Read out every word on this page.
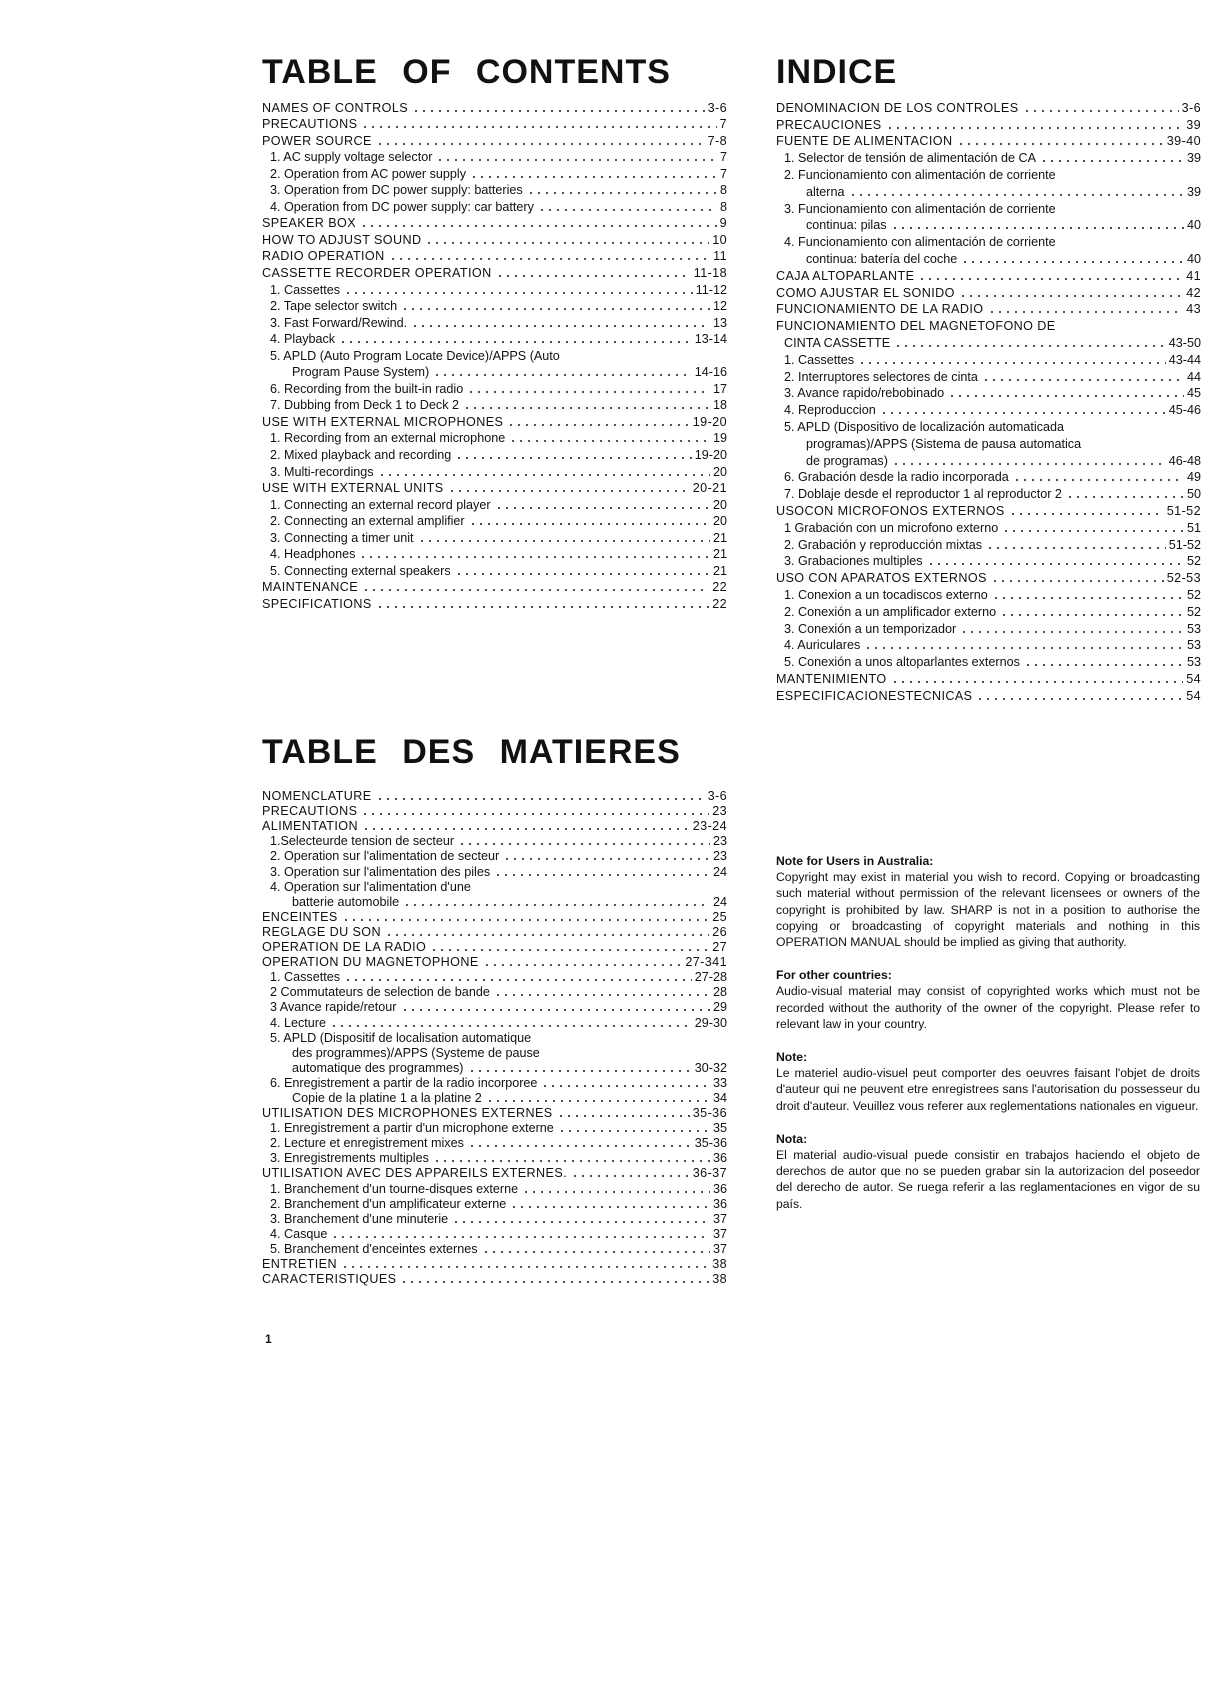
TABLE OF CONTENTS
NAMES OF CONTROLS	3-6
PRECAUTIONS	7
POWER SOURCE	7-8
1. AC supply voltage selector	7
2. Operation from AC power supply	7
3. Operation from DC power supply: batteries	8
4. Operation from DC power supply: car battery	8
SPEAKER BOX	9
HOW TO ADJUST SOUND	10
RADIO OPERATION	11
CASSETTE RECORDER OPERATION	11-18
1. Cassettes	11-12
2. Tape selector switch	12
3. Fast Forward/Rewind.	13
4. Playback	13-14
5. APLD (Auto Program Locate Device)/APPS (Auto
Program Pause System)	14-16
6. Recording from the built-in radio	17
7. Dubbing from Deck 1 to Deck 2	18
USE WITH EXTERNAL MICROPHONES	19-20
1. Recording from an external microphone	19
2. Mixed playback and recording	19-20
3. Multi-recordings	20
USE WITH EXTERNAL UNITS	20-21
1. Connecting an external record player	20
2. Connecting an external amplifier	20
3. Connecting a timer unit	21
4. Headphones	21
5. Connecting external speakers	21
MAINTENANCE	22
SPECIFICATIONS	22
TABLE DES MATIERES
NOMENCLATURE	3-6
PRECAUTIONS	23
ALIMENTATION	23-24
1.Selecteurde tension de secteur	23
2. Operation sur l'alimentation de secteur	23
3. Operation sur l'alimentation des piles	24
4. Operation sur l'alimentation d'une
batterie automobile	24
ENCEINTES	25
REGLAGE DU SON	26
OPERATION DE LA RADIO	27
OPERATION DU MAGNETOPHONE	27-341
1. Cassettes	27-28
2 Commutateurs de selection de bande	28
3 Avance rapide/retour	29
4. Lecture	29-30
5. APLD (Dispositif de localisation automatique
des programmes)/APPS (Systeme de pause
automatique des programmes)	30-32
6. Enregistrement a partir de la radio incorporee	33
Copie de la platine 1 a la platine 2	34
UTILISATION DES MICROPHONES EXTERNES	35-36
1. Enregistrement a partir d'un microphone externe	35
2. Lecture et enregistrement mixes	35-36
3. Enregistrements multiples	36
UTILISATION AVEC DES APPAREILS EXTERNES.	36-37
1. Branchement d'un tourne-disques externe	36
2. Branchement d'un amplificateur externe	36
3. Branchement d'une minuterie	37
4. Casque	37
5. Branchement d'enceintes externes	37
ENTRETIEN	38
CARACTERISTIQUES	38
INDICE
DENOMINACION DE LOS CONTROLES	3-6
PRECAUCIONES	39
FUENTE DE ALIMENTACION	39-40
1. Selector de tensión de alimentación de CA	39
2. Funcionamiento con alimentación de corriente
alterna	39
3. Funcionamiento con alimentación de corriente
continua: pilas	40
4. Funcionamiento con alimentación de corriente
continua: batería del coche	40
CAJA ALTOPARLANTE	41
COMO AJUSTAR EL SONIDO	42
FUNCIONAMIENTO DE LA RADIO	43
FUNCIONAMIENTO DEL MAGNETOFONO DE
CINTA CASSETTE	43-50
1. Cassettes	43-44
2. Interruptores selectores de cinta	44
3. Avance rapido/rebobinado	45
4. Reproduccion	45-46
5. APLD (Dispositivo de localización automaticada
programas)/APPS (Sistema de pausa automatica
de programas)	46-48
6. Grabación desde la radio incorporada	49
7. Doblaje desde el reproductor 1 al reproductor 2	50
USOCON MICROFONOS EXTERNOS	51-52
1 Grabación con un microfono externo	51
2. Grabación y reproducción mixtas	51-52
3. Grabaciones multiples	52
USO CON APARATOS EXTERNOS	52-53
1. Conexion a un tocadiscos externo	52
2. Conexión a un amplificador externo	52
3. Conexión a un temporizador	53
4. Auriculares	53
5. Conexión a unos altoparlantes externos	53
MANTENIMIENTO	54
ESPECIFICACIONESTECNICAS	54
Note for Users in Australia:

Copyright may exist in material you wish to record. Copying or broadcasting such material without permission of the relevant licensees or owners of the copyright is prohibited by law. SHARP is not in a position to authorise the copying or broadcasting of copyright materials and nothing in this OPERATION MANUAL should be implied as giving that authority.

For other countries:

Audio-visual material may consist of copyrighted works which must not be recorded without the authority of the owner of the copyright. Please refer to relevant law in your country.

Note:

Le materiel audio-visuel peut comporter des oeuvres faisant l'objet de droits d'auteur qui ne peuvent etre enregistrees sans l'autorisation du possesseur du droit d'auteur. Veuillez vous referer aux reglementations nationales en vigueur.

Nota:

El material audio-visual puede consistir en trabajos haciendo el objeto de derechos de autor que no se pueden grabar sin la autorizacion del poseedor del derecho de autor. Se ruega referir a las reglamentaciones en vigor de su país.

1
